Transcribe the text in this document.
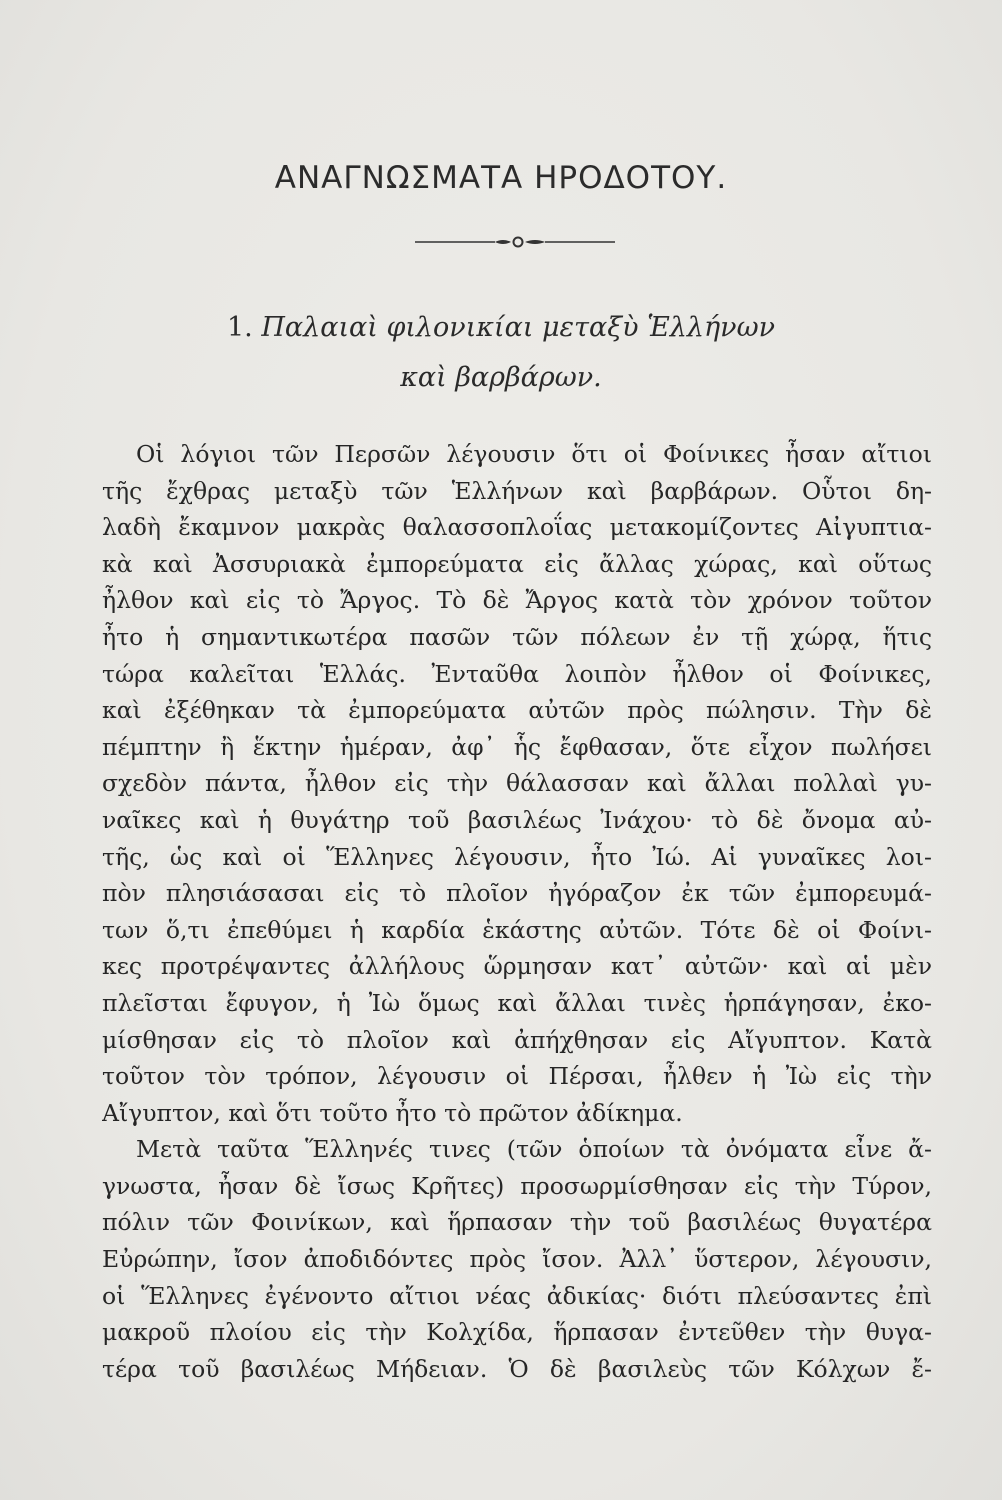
ΑΝΑΓΝΩΣΜΑΤΑ ΗΡΟΔΟΤΟΥ.
1. Παλαιαὶ φιλονικίαι μεταξὺ Ἑλλήνων
καὶ βαρβάρων.
Οἱ λόγιοι τῶν Περσῶν λέγουσιν ὅτι οἱ Φοίνικες ἦσαν αἴτιοι
τῆς ἔχθρας μεταξὺ τῶν Ἑλλήνων καὶ βαρβάρων. Οὗτοι δη-
λαδὴ ἔκαμνον μακρὰς θαλασσοπλοΐας μετακομίζοντες Αἰγυπτια-
κὰ καὶ Ἀσσυριακὰ ἐμπορεύματα εἰς ἄλλας χώρας, καὶ οὕτως
ἦλθον καὶ εἰς τὸ Ἄργος. Τὸ δὲ Ἄργος κατὰ τὸν χρόνον τοῦτον
ἦτο ἡ σημαντικωτέρα πασῶν τῶν πόλεων ἐν τῇ χώρᾳ, ἥτις
τώρα καλεῖται Ἑλλάς. Ἐνταῦθα λοιπὸν ἦλθον οἱ Φοίνικες,
καὶ ἐξέθηκαν τὰ ἐμπορεύματα αὐτῶν πρὸς πώλησιν. Τὴν δὲ
πέμπτην ἢ ἕκτην ἡμέραν, ἀφ᾽ ἧς ἔφθασαν, ὅτε εἶχον πωλήσει
σχεδὸν πάντα, ἦλθον εἰς τὴν θάλασσαν καὶ ἄλλαι πολλαὶ γυ-
ναῖκες καὶ ἡ θυγάτηρ τοῦ βασιλέως Ἰνάχου· τὸ δὲ ὄνομα αὐ-
τῆς, ὡς καὶ οἱ Ἕλληνες λέγουσιν, ἦτο Ἰώ. Αἱ γυναῖκες λοι-
πὸν πλησιάσασαι εἰς τὸ πλοῖον ἠγόραζον ἐκ τῶν ἐμπορευμά-
των ὅ,τι ἐπεθύμει ἡ καρδία ἑκάστης αὐτῶν. Τότε δὲ οἱ Φοίνι-
κες προτρέψαντες ἀλλήλους ὥρμησαν κατ᾽ αὐτῶν· καὶ αἱ μὲν
πλεῖσται ἔφυγον, ἡ Ἰὼ ὅμως καὶ ἄλλαι τινὲς ἡρπάγησαν, ἐκο-
μίσθησαν εἰς τὸ πλοῖον καὶ ἀπήχθησαν εἰς Αἴγυπτον. Κατὰ
τοῦτον τὸν τρόπον, λέγουσιν οἱ Πέρσαι, ἦλθεν ἡ Ἰὼ εἰς τὴν
Αἴγυπτον, καὶ ὅτι τοῦτο ἦτο τὸ πρῶτον ἀδίκημα.
Μετὰ ταῦτα Ἕλληνές τινες (τῶν ὁποίων τὰ ὀνόματα εἶνε ἄ-
γνωστα, ἦσαν δὲ ἴσως Κρῆτες) προσωρμίσθησαν εἰς τὴν Τύρον,
πόλιν τῶν Φοινίκων, καὶ ἥρπασαν τὴν τοῦ βασιλέως θυγατέρα
Εὐρώπην, ἴσον ἀποδιδόντες πρὸς ἴσον. Ἀλλ᾽ ὕστερον, λέγουσιν,
οἱ Ἕλληνες ἐγένοντο αἴτιοι νέας ἀδικίας· διότι πλεύσαντες ἐπὶ
μακροῦ πλοίου εἰς τὴν Κολχίδα, ἥρπασαν ἐντεῦθεν τὴν θυγα-
τέρα τοῦ βασιλέως Μήδειαν. Ὁ δὲ βασιλεὺς τῶν Κόλχων ἔ-
